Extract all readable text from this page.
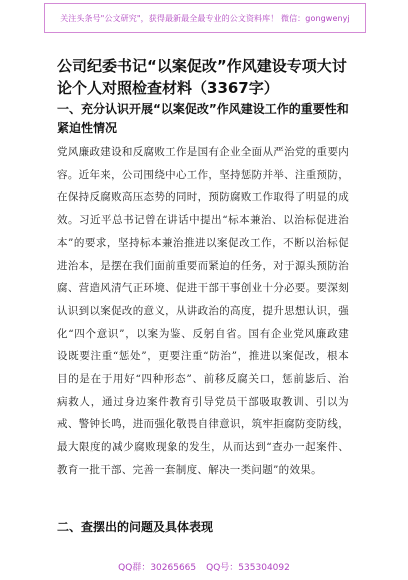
关注头条号"公文研究"，获得最新最全最专业的公文资料库！ 微信：gongwenyj
公司纪委书记“以案促改”作风建设专项大讨论个人对照检查材料（3367字）
一、充分认识开展“以案促改”作风建设工作的重要性和紧迫性情况
党风廉政建设和反腐败工作是国有企业全面从严治党的重要内容。近年来，公司围绕中心工作，坚持惩防并举、注重预防，在保持反腐败高压态势的同时，预防腐败工作取得了明显的成效。习近平总书记曾在讲话中提出“标本兼治、以治标促进治本”的要求，坚持标本兼治推进以案促改工作，不断以治标促进治本，是摆在我们面前重要而紧迫的任务，对于源头预防治腐、营造风清气正环境、促进干部干事创业十分必要。要深刻认识到以案促改的意义，从讲政治的高度，提升思想认识，强化“四个意识”，以案为鉴、反躬自省。国有企业党风廉政建设既要注重“惩处”，更要注重“防治”，推进以案促改，根本目的是在于用好“四种形态”、前移反腐关口，惩前毖后、治病救人，通过身边案件教育引导党员干部吸取教训、引以为戒、警钟长鸣，进而强化敬畏自律意识，筑牢拒腐防变防线，最大限度的减少腐败现象的发生，从而达到“查办一起案件、教育一批干部、完善一套制度、解决一类问题”的效果。
二、查摆出的问题及具体表现
QQ群：30265665 QQ号：535304092
